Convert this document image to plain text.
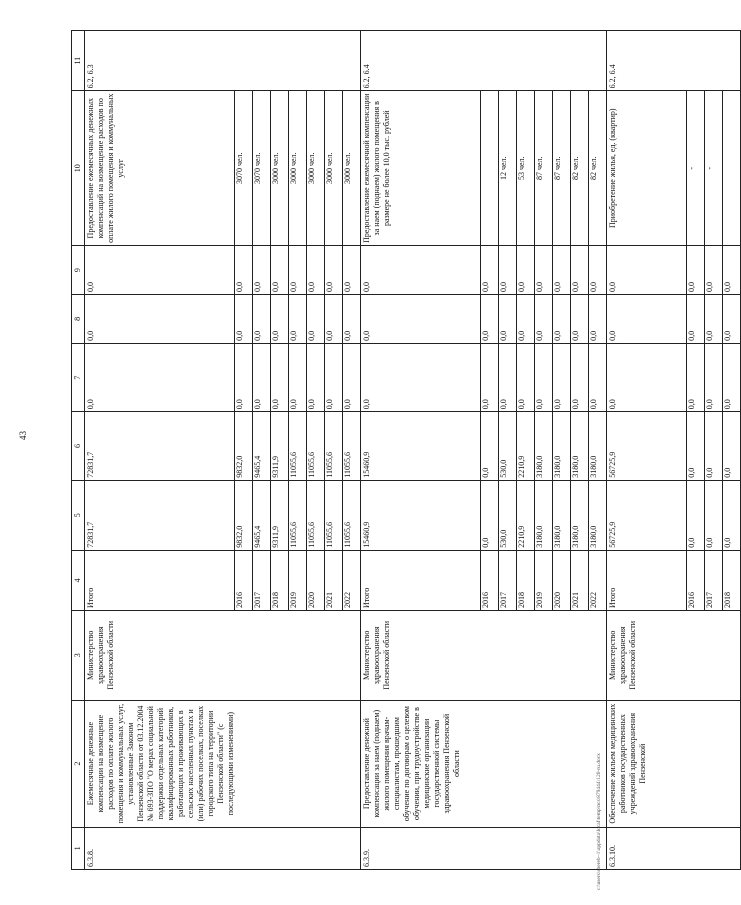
43
1	2	3	4	5	6	7	8	9	10	11
6.3.8.	Ежемесячные денежные компенсации на возмещение расходов по оплате жилого помещения и коммунальных услуг, установленные Законом Пензенской области от 03.12.2004 № 693-ЗПО "О мерах социальной поддержки отдельных категорий квалифицированных работников, работающих и проживающих в сельских населенных пунктах и (или) рабочих поселках, поселках городского типа на территории Пензенской области" (с последующими изменениями)	Министерство здравоохранения Пензенской области	Итого	72831,7	72831,7	0,0	0,0	0,0	Предоставление ежемесячных денежных компенсаций на возмещение расходов по оплате жилого помещения и коммунальных услуг	6.2, 6.3
			2016	9832,0	9832,0	0,0	0,0	0,0	3070 чел.	
			2017	9465,4	9465,4	0,0	0,0	0,0	3070 чел.	
			2018	9311,9	9311,9	0,0	0,0	0,0	3000 чел.	
			2019	11055,6	11055,6	0,0	0,0	0,0	3000 чел.	
			2020	11055,6	11055,6	0,0	0,0	0,0	3000 чел.	
			2021	11055,6	11055,6	0,0	0,0	0,0	3000 чел.	
			2022	11055,6	11055,6	0,0	0,0	0,0	3000 чел.	
6.3.9.	Предоставление денежной компенсации за наем (поднаем) жилого помещения врачам-специалистам, прошедшим обучение по договорам о целевом обучении, при трудоустройстве в медицинские организации государственной системы здравоохранения Пензенской области	Министерство здравоохранения Пензенской области	Итого	15460,9	15460,9	0,0	0,0	0,0	Предоставление ежемесячной компенсации за наем (поднаем) жилого помещения в размере не более 10,0 тыс. рублей	6.2, 6.4
			2016	0,0	0,0	0,0	0,0	0,0		
			2017	530,0	530,0	0,0	0,0	0,0	12 чел.	
			2018	2210,9	2210,9	0,0	0,0	0,0	53 чел.	
			2019	3180,0	3180,0	0,0	0,0	0,0	87 чел.	
			2020	3180,0	3180,0	0,0	0,0	0,0	87 чел.	
			2021	3180,0	3180,0	0,0	0,0	0,0	82 чел.	
			2022	3180,0	3180,0	0,0	0,0	0,0	82 чел.	
6.3.10.	Обеспечение жильем медицинских работников государственных учреждений здравоохранения Пензенской	Министерство здравоохранения Пензенской области	Итого	56725,9	56725,9	0,0	0,0	0,0	Приобретение жилья, ед. (квартир)	6.2, 6.4
			2016	0,0	0,0	0,0	0,0	0,0	-	
			2017	0,0	0,0	0,0	0,0	0,0	-	
			2018	0,0	0,0	0,0	0,0	0,0		
c:\users\sbereb~1\appdata\local\temp\ncs\879444\120-ru.docx
